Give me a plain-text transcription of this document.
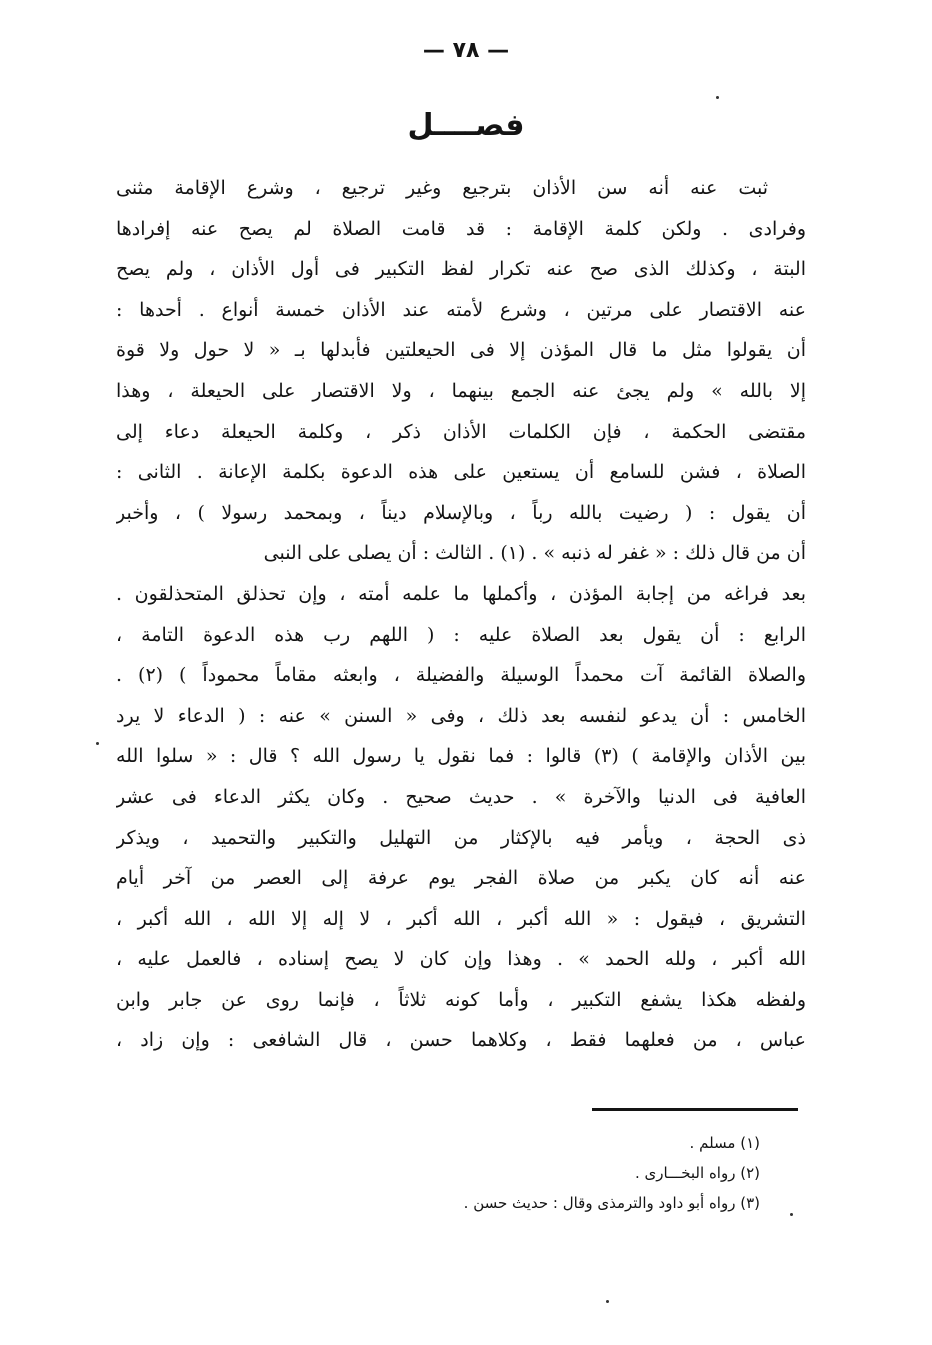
— ٧٨ —
فصــــل
ثبت عنه أنه سن الأذان بترجيع وغير ترجيع ، وشرع الإقامة مثنى
وفرادى . ولكن كلمة الإقامة : قد قامت الصلاة لم يصح عنه إفرادها
البتة ، وكذلك الذى صح عنه تكرار لفظ التكبير فى أول الأذان ، ولم يصح
عنه الاقتصار على مرتين ، وشرع لأمته عند الأذان خمسة أنواع . أحدها :
أن يقولوا مثل ما قال المؤذن إلا فى الحيعلتين فأبدلها بـ « لا حول ولا قوة
إلا بالله » ولم يجئ عنه الجمع بينهما ، ولا الاقتصار على الحيعلة ، وهذا
مقتضى الحكمة ، فإن الكلمات الأذان ذكر ، وكلمة الحيعلة دعاء إلى
الصلاة ، فشن للسامع أن يستعين على هذه الدعوة بكلمة الإعانة . الثانى :
أن يقول : ( رضيت بالله رباً ، وبالإسلام ديناً ، وبمحمد رسولا ) ، وأخبر
أن من قال ذلك : « غفر له ذنبه » . (١) . الثالث : أن يصلى على النبى
بعد فراغه من إجابة المؤذن ، وأكملها ما علمه أمته ، وإن تحذلق المتحذلقون .
الرابع : أن يقول بعد الصلاة عليه : ( اللهم رب هذه الدعوة التامة ،
والصلاة القائمة آت محمداً الوسيلة والفضيلة ، وابعثه مقاماً محموداً ) (٢) .
الخامس : أن يدعو لنفسه بعد ذلك ، وفى « السنن » عنه : ( الدعاء لا يرد
بين الأذان والإقامة ) (٣) قالوا : فما نقول يا رسول الله ؟ قال : « سلوا الله
العافية فى الدنيا والآخرة » . حديث صحيح . وكان يكثر الدعاء فى عشر
ذى الحجة ، ويأمر فيه بالإكثار من التهليل والتكبير والتحميد ، ويذكر
عنه أنه كان يكبر من صلاة الفجر يوم عرفة إلى العصر من آخر أيام
التشريق ، فيقول : « الله أكبر ، الله أكبر ، لا إله إلا الله ، الله أكبر ،
الله أكبر ، ولله الحمد » . وهذا وإن كان لا يصح إسناده ، فالعمل عليه ،
ولفظه هكذا يشفع التكبير ، وأما كونه ثلاثاً ، فإنما روى عن جابر وابن
عباس ، من فعلهما فقط ، وكلاهما حسن ، قال الشافعى : وإن زاد ،
(١) مسلم .
(٢) رواه البخـــارى .
(٣) رواه أبو داود والترمذى وقال : حديث حسن .
